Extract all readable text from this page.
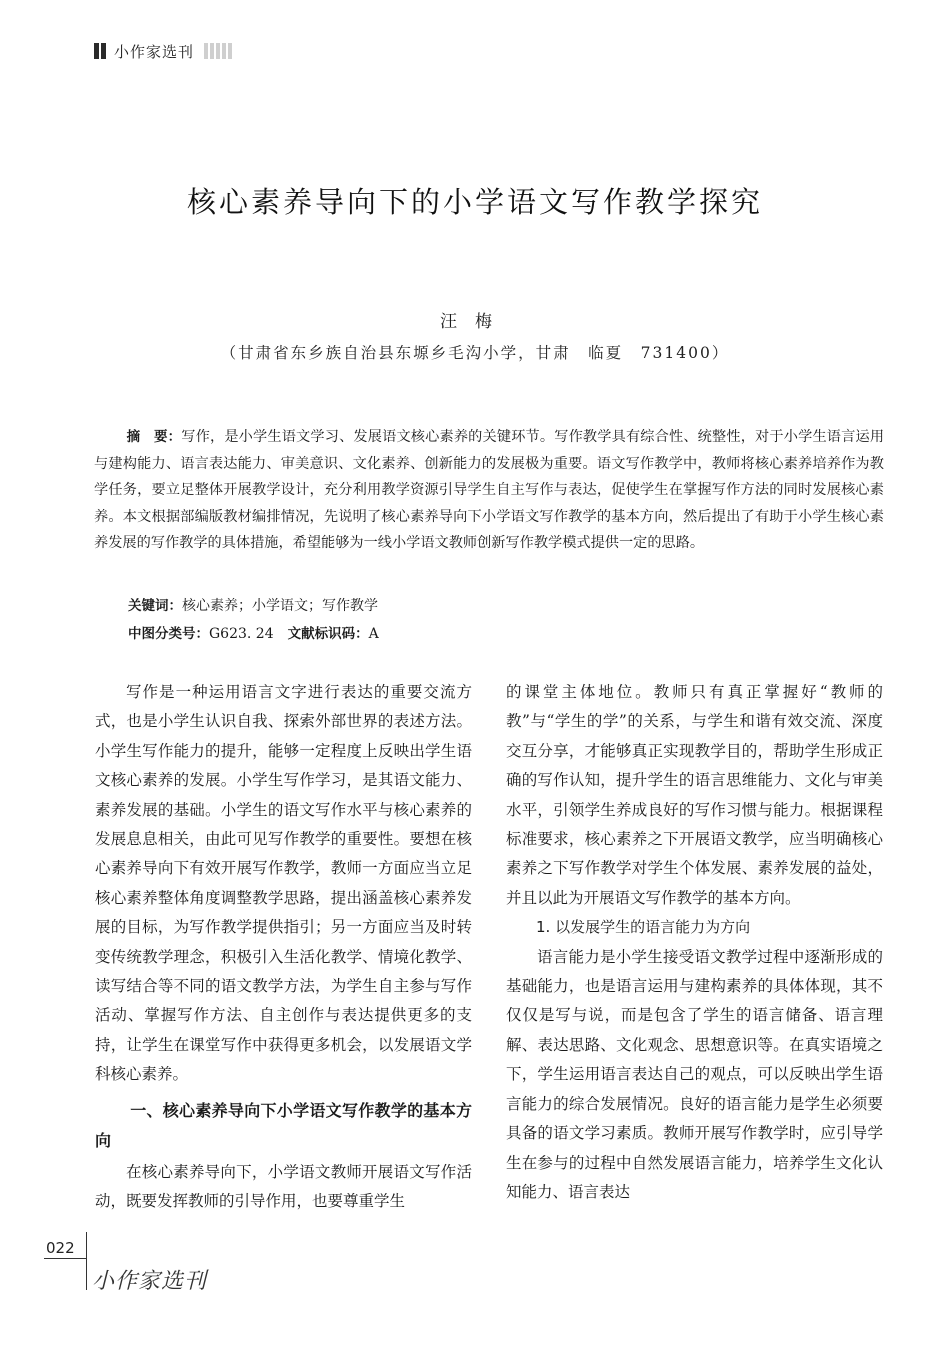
小作家选刊
核心素养导向下的小学语文写作教学探究
汪梅
（甘肃省东乡族自治县东塬乡毛沟小学，甘肃　临夏　731400）
摘　要：写作，是小学生语文学习、发展语文核心素养的关键环节。写作教学具有综合性、统整性，对于小学生语言运用与建构能力、语言表达能力、审美意识、文化素养、创新能力的发展极为重要。语文写作教学中，教师将核心素养培养作为教学任务，要立足整体开展教学设计，充分利用教学资源引导学生自主写作与表达，促使学生在掌握写作方法的同时发展核心素养。本文根据部编版教材编排情况，先说明了核心素养导向下小学语文写作教学的基本方向，然后提出了有助于小学生核心素养发展的写作教学的具体措施，希望能够为一线小学语文教师创新写作教学模式提供一定的思路。
关键词：核心素养；小学语文；写作教学
中图分类号：G623. 24 文献标识码：A

写作是一种运用语言文字进行表达的重要交流方式，也是小学生认识自我、探索外部世界的表述方法。小学生写作能力的提升，能够一定程度上反映出学生语文核心素养的发展。小学生写作学习，是其语文能力、素养发展的基础。小学生的语文写作水平与核心素养的发展息息相关，由此可见写作教学的重要性。要想在核心素养导向下有效开展写作教学，教师一方面应当立足核心素养整体角度调整教学思路，提出涵盖核心素养发展的目标，为写作教学提供指引；另一方面应当及时转变传统教学理念，积极引入生活化教学、情境化教学、读写结合等不同的语文教学方法，为学生自主参与写作活动、掌握写作方法、自主创作与表达提供更多的支持，让学生在课堂写作中获得更多机会，以发展语文学科核心素养。

一、核心素养导向下小学语文写作教学的基本方向

在核心素养导向下，小学语文教师开展语文写作活动，既要发挥教师的引导作用，也要尊重学生

的课堂主体地位。教师只有真正掌握好“教师的教”与“学生的学”的关系，与学生和谐有效交流、深度交互分享，才能够真正实现教学目的，帮助学生形成正确的写作认知，提升学生的语言思维能力、文化与审美水平，引领学生养成良好的写作习惯与能力。根据课程标准要求，核心素养之下开展语文教学，应当明确核心素养之下写作教学对学生个体发展、素养发展的益处，并且以此为开展语文写作教学的基本方向。

1. 以发展学生的语言能力为方向

语言能力是小学生接受语文教学过程中逐渐形成的基础能力，也是语言运用与建构素养的具体体现，其不仅仅是写与说，而是包含了学生的语言储备、语言理解、表达思路、文化观念、思想意识等。在真实语境之下，学生运用语言表达自己的观点，可以反映出学生语言能力的综合发展情况。良好的语言能力是学生必须要具备的语文学习素质。教师开展写作教学时，应引导学生在参与的过程中自然发展语言能力，培养学生文化认知能力、语言表达

022
小作家选刊
